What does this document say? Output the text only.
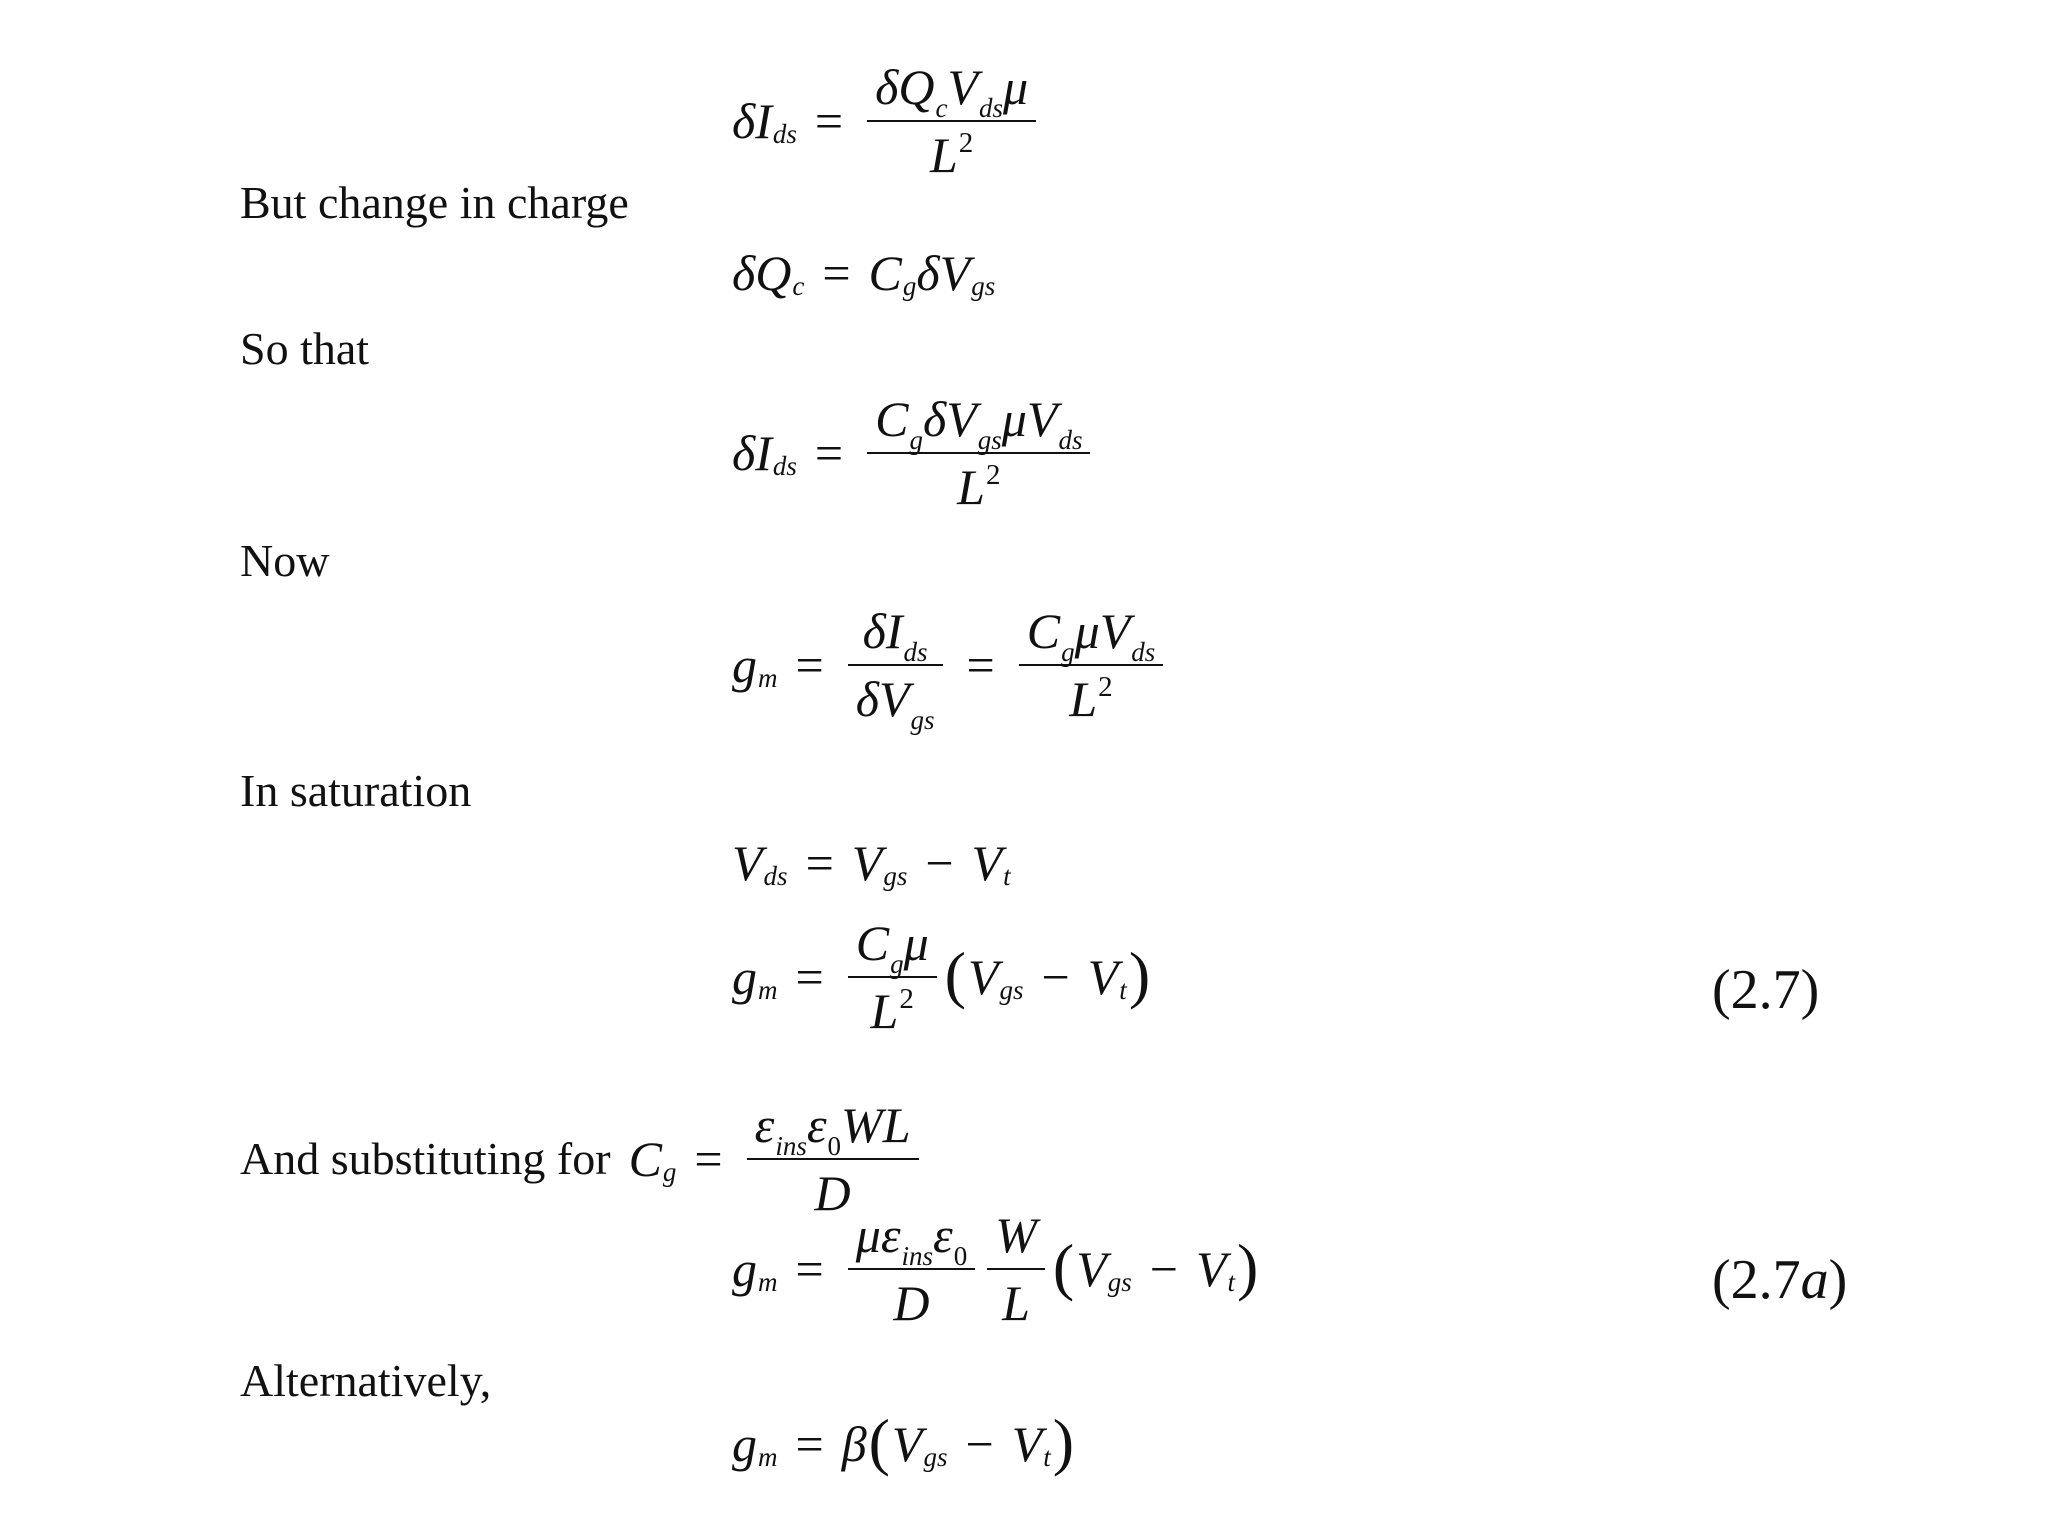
δ I ds = $\frac{\delta Q_cV_{ds}\mu}{L^2}$
But change in charge
δ Q c = C g δ V gs
So that
δ I ds = $\frac{C_g\delta V_{gs}\mu V_{ds}}{L^2}$
Now
g $m = \frac{\delta I_{ds}}{\delta V_{gs}} = \frac{C_g\mu V_{ds}}{L^2}$
In saturation
V ds = V gs − V t
g $m = \frac{C_g\mu}{L^2}$ ( V gs − V t )	(2.7)
And substituting for C $g = \frac{\varepsilon_{ins}\varepsilon_0WL}{D}$
g $m = \frac{\mu\varepsilon_{ins}\varepsilon_0}{D} \frac{W}{L}$ ( V gs − V t )	(2.7a)
Alternatively,
g m = β ( V gs − V t )
